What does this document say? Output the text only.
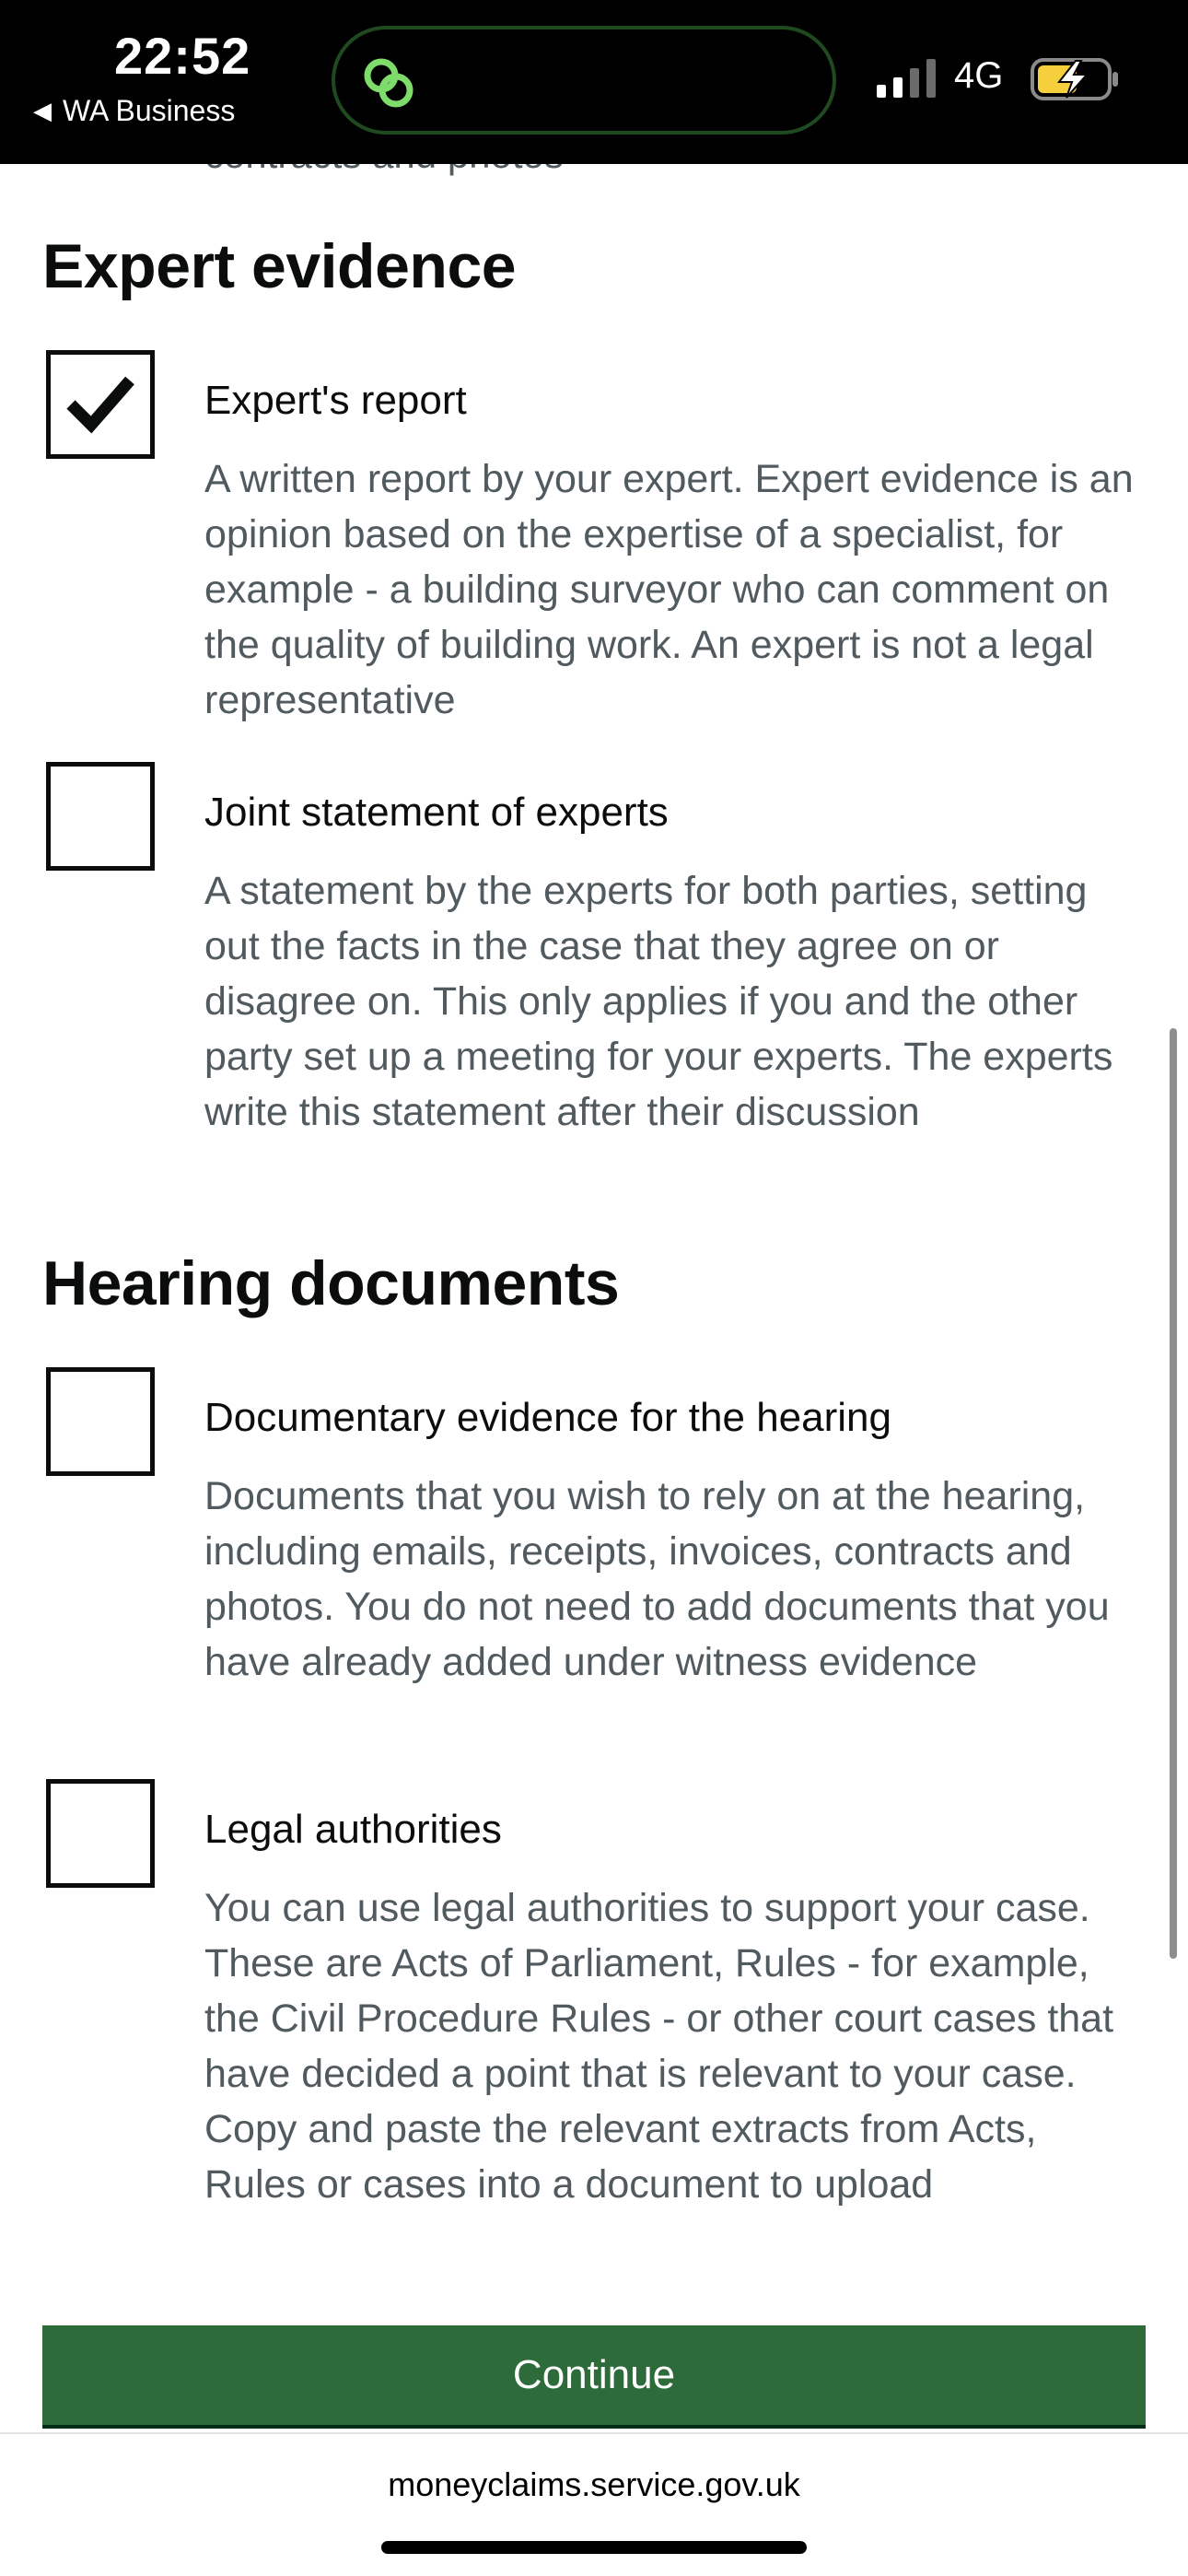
22:52
◀ WA Business
4G
Expert evidence
Expert's report

A written report by your expert. Expert evidence is an opinion based on the expertise of a specialist, for example - a building surveyor who can comment on the quality of building work. An expert is not a legal representative

Joint statement of experts

A statement by the experts for both parties, setting out the facts in the case that they agree on or disagree on. This only applies if you and the other party set up a meeting for your experts. The experts write this statement after their discussion

Hearing documents
Documentary evidence for the hearing

Documents that you wish to rely on at the hearing, including emails, receipts, invoices, contracts and photos. You do not need to add documents that you have already added under witness evidence

Legal authorities

You can use legal authorities to support your case. These are Acts of Parliament, Rules - for example, the Civil Procedure Rules - or other court cases that have decided a point that is relevant to your case. Copy and paste the relevant extracts from Acts, Rules or cases into a document to upload

Continue
moneyclaims.service.gov.uk
